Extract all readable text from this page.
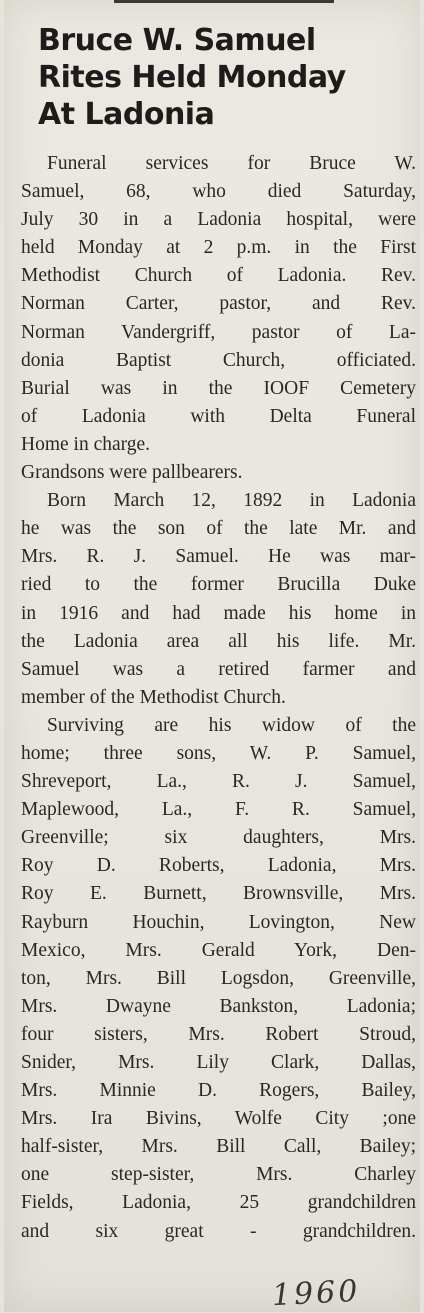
Bruce W. Samuel
Rites Held Monday
At Ladonia
Funeral services for Bruce W.
Samuel, 68, who died Saturday,
July 30 in a Ladonia hospital, were
held Monday at 2 p.m. in the First
Methodist Church of Ladonia. Rev.
Norman Carter, pastor, and Rev.
Norman Vandergriff, pastor of La-
donia Baptist Church, officiated.
Burial was in the IOOF Cemetery
of Ladonia with Delta Funeral
Home in charge.
Grandsons were pallbearers.
Born March 12, 1892 in Ladonia
he was the son of the late Mr. and
Mrs. R. J. Samuel. He was mar-
ried to the former Brucilla Duke
in 1916 and had made his home in
the Ladonia area all his life. Mr.
Samuel was a retired farmer and
member of the Methodist Church.
Surviving are his widow of the
home; three sons, W. P. Samuel,
Shreveport, La., R. J. Samuel,
Maplewood, La., F. R. Samuel,
Greenville; six daughters, Mrs.
Roy D. Roberts, Ladonia, Mrs.
Roy E. Burnett, Brownsville, Mrs.
Rayburn Houchin, Lovington, New
Mexico, Mrs. Gerald York, Den-
ton, Mrs. Bill Logsdon, Greenville,
Mrs. Dwayne Bankston, Ladonia;
four sisters, Mrs. Robert Stroud,
Snider, Mrs. Lily Clark, Dallas,
Mrs. Minnie D. Rogers, Bailey,
Mrs. Ira Bivins, Wolfe City ;one
half-sister, Mrs. Bill Call, Bailey;
one step-sister, Mrs. Charley
Fields, Ladonia, 25 grandchildren
and six great - grandchildren.
1960
